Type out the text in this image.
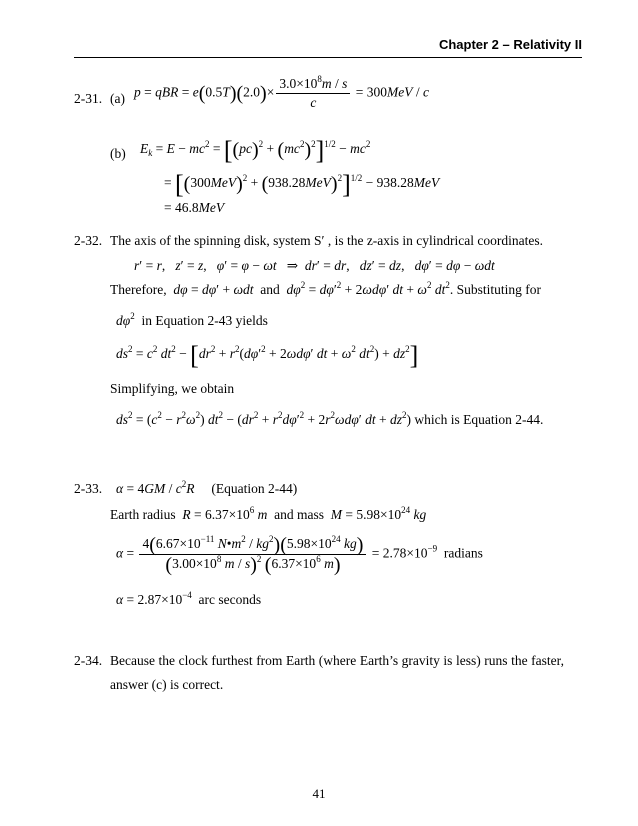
Chapter 2 – Relativity II
2-31. (a) p = qBR = $e(0.5T)(2.0)\times \frac{3.0\times 10^8m / s}{c} = 300MeV / c$
(b) $E_k = E - mc^2 = [(pc)^2 + (mc^2)^2]^{1/2} - mc^2$
= $[(300MeV)^2 + (938.28MeV)^2]^{1/2} - 938.28MeV$
= 46.8MeV
2-32. The axis of the spinning disk, system S′ , is the z-axis in cylindrical coordinates.
r′ = r,   z′ = z,   φ′ = φ − ωt   ⇒  dr′ = dr,   dz′ = dz,   dφ′ = dφ − ωdt
Therefore, dφ = dφ′ + ωdt and $d\varphi^2 = d\varphi'^2 + 2\omega d\varphi'$ dt + $\omega^2$ $dt^2$. Substituting for
$d\varphi^2$ in Equation 2-43 yields
$ds^2 = c^2$ $dt^2 - [dr^2 + r^2(d\varphi'^2 + 2\omega d\varphi'$ dt + $\omega^2$ $dt^2) + dz^2$]
Simplifying, we obtain
$ds^2 = (c^2 - r^2\omega^2) dt^2 - (dr^2 + r^2d\varphi'^2 + 2r^2\omega d\varphi'$ dt + $dz^2$) which is Equation 2-44.
2-33. $\alpha = 4GM / c^2R$ (Equation 2-44)
Earth radius $R = 6.37\times 10^6$ m and mass $M = 5.98\times 10^{24}$ kg
$\alpha = \frac{4(6.67\times 10^{-11} N•m^2 / kg^2)(5.98\times 10^{24} kg)}{(3.00\times 10^8 m / s)^2 (6.37\times 10^6 m)} = 2.78\times 10^{-9}$ radians
$\alpha = 2.87\times 10^{-4}$ arc seconds
2-34. Because the clock furthest from Earth (where Earth’s gravity is less) runs the faster,
answer (c) is correct.
41
